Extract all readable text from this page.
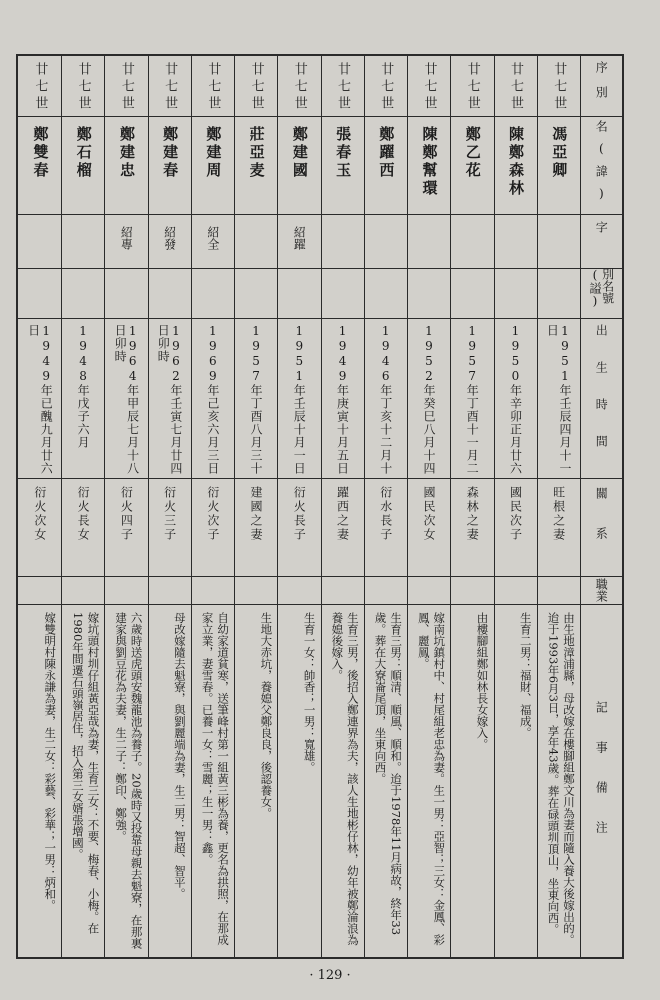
序別
名(諱)
字
別名號(謚)
出生時間
關系
職業
記事備注
廿七世
馮亞卿
1951年壬辰四月十一日
旺根之妻
由生地漳浦縣，母改嫁在樓腳組鄭文川為妻而隨入養大後嫁出的。迨于1993年6月3日，享年43歲。葬在碌頭圳頂山，坐東向西。
廿七世
陳鄭森林
1950年辛卯正月廿六
國民次子
生育二男：福財、福成。
廿七世
鄭乙花
1957年丁酉十一月二
森林之妻
由樓腳組鄭如林長女嫁入。
廿七世
陳鄭幫環
1952年癸巳八月十四
國民次女
嫁南坑鎮村中、村尾組老忠為妻。生一男：亞智；三女：金鳳、彩鳳、麗鳳。
廿七世
鄭躍西
1946年丁亥十二月十
衍水長子
生育三男：順清、順風、順和。迨于1978年11月病故，終年33歲。葬在大寮崙尾頂，坐東向西。
廿七世
張春玉
1949年庚寅十月五日
躍西之妻
生育三男，後招入鄭連界為夫，該人生地彬仔林，幼年被鄭淪浪為養媳後嫁入。
廿七世
鄭建國
紹躍
1951年壬辰十月一日
衍火長子
生育一女：帥香；一男：寬雄。
廿七世
莊亞麦
1957年丁酉八月三十
建國之妻
生地大赤坑，養媳父鄭良良，後認養女。
廿七世
鄭建周
紹全
1969年己亥六月三日
衍火次子
自幼家道貧寒，送筆峰村第一組黃三彬為養，更名為拱照，在那成家立業，妻雪春。已養一女：雪麗；生一男：鑫。
廿七世
鄭建春
紹發
1962年壬寅七月廿四日卯時
衍火三子
母改嫁隨去魁寮，與劉麗端為妻，生二男：智超、智平。
廿七世
鄭建忠
紹專
1964年甲辰七月十八日卯時
衍火四子
六歲時送虎頭安魏龍池為養子。20歲時又投靠母親去魁寮，在那裏建家與劉豆花為夫妻，生二子：鄭印、鄭強。
廿七世
鄭石榴
1948年戊子六月
衍火長女
嫁坑頭村圳仔組黃亞哉為妻，生育三女：不要、梅春、小梅。在1980年間遷石頭嶺居住，招入第三女婿張增國。
廿七世
鄭雙春
1949年已醜九月廿六日
衍火次女
嫁雙明村陳永謙為妻，生二女：彩藝、彩華；一男：炳和。
· 129 ·
